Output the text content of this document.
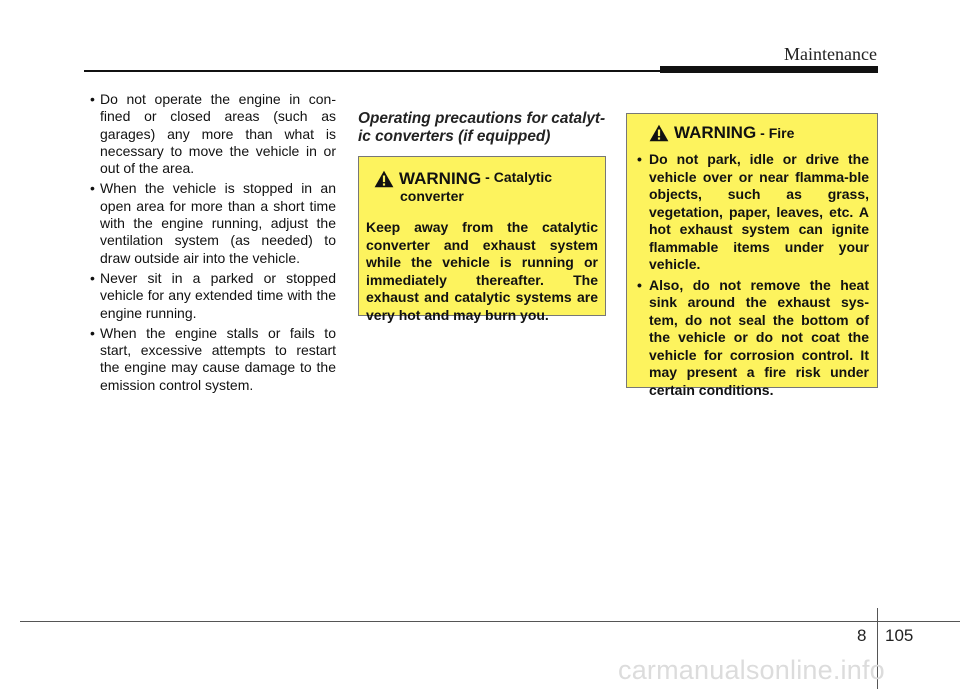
Maintenance
• Do not operate the engine in con-fined or closed areas (such as garages) any more than what is necessary to move the vehicle in or out of the area.
• When the vehicle is stopped in an open area for more than a short time with the engine running, adjust the ventilation system (as needed) to draw outside air into the vehicle.
• Never sit in a parked or stopped vehicle for any extended time with the engine running.
• When the engine stalls or fails to start, excessive attempts to restart the engine may cause damage to the emission control system.
Operating precautions for catalyt-ic converters (if equipped)
WARNING - Catalytic
converter

Keep away from the catalytic converter and exhaust system while the vehicle is running or immediately thereafter. The exhaust and catalytic systems are very hot and may burn you.

WARNING - Fire
• Do not park, idle or drive the vehicle over or near flamma-ble objects, such as grass, vegetation, paper, leaves, etc. A hot exhaust system can ignite flammable items under your vehicle.
• Also, do not remove the heat sink around the exhaust sys-tem, do not seal the bottom of the vehicle or do not coat the vehicle for corrosion control. It may present a fire risk under certain conditions.
8 105
carmanualsonline.info
